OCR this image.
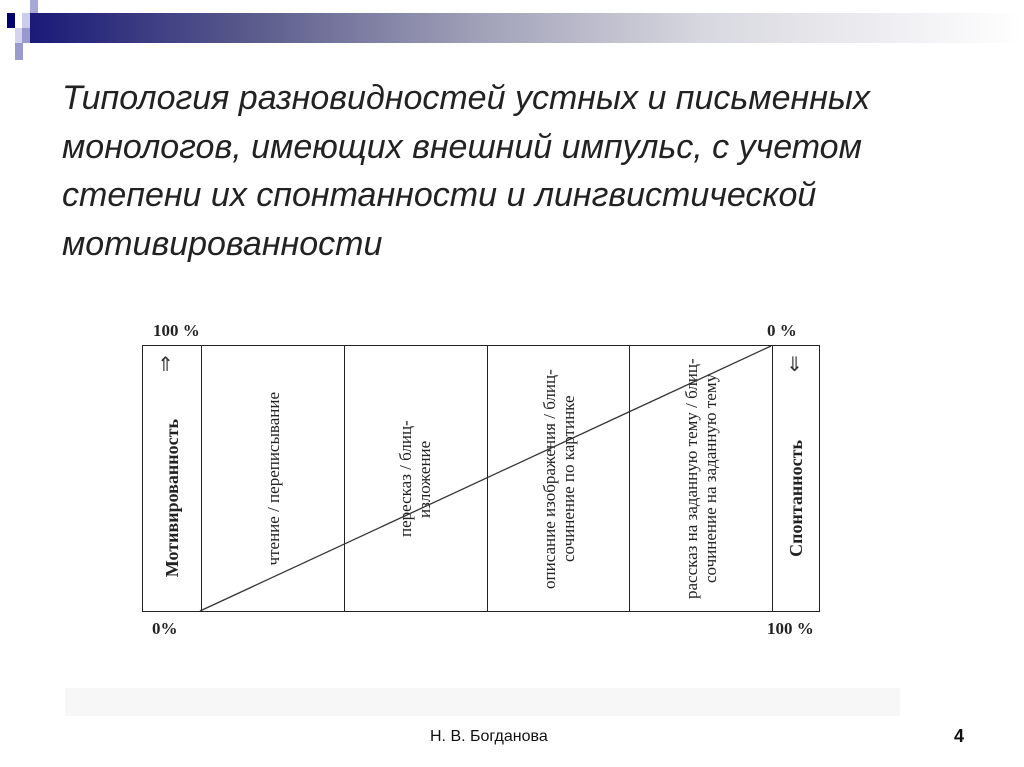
Типология разновидностей устных и письменных монологов, имеющих внешний импульс, с учетом степени их спонтанности и лингвистической мотивированности
100 %
0%
0 %
100 %
Мотивированность	чтение / переписывание	пересказ / блиц-изложение	описание изображения / блиц-сочинение по картинке	рассказ на заданную тему / блиц-сочинение на заданную тему	Спонтанность
⇑	⇓
Н. В. Богданова	4
